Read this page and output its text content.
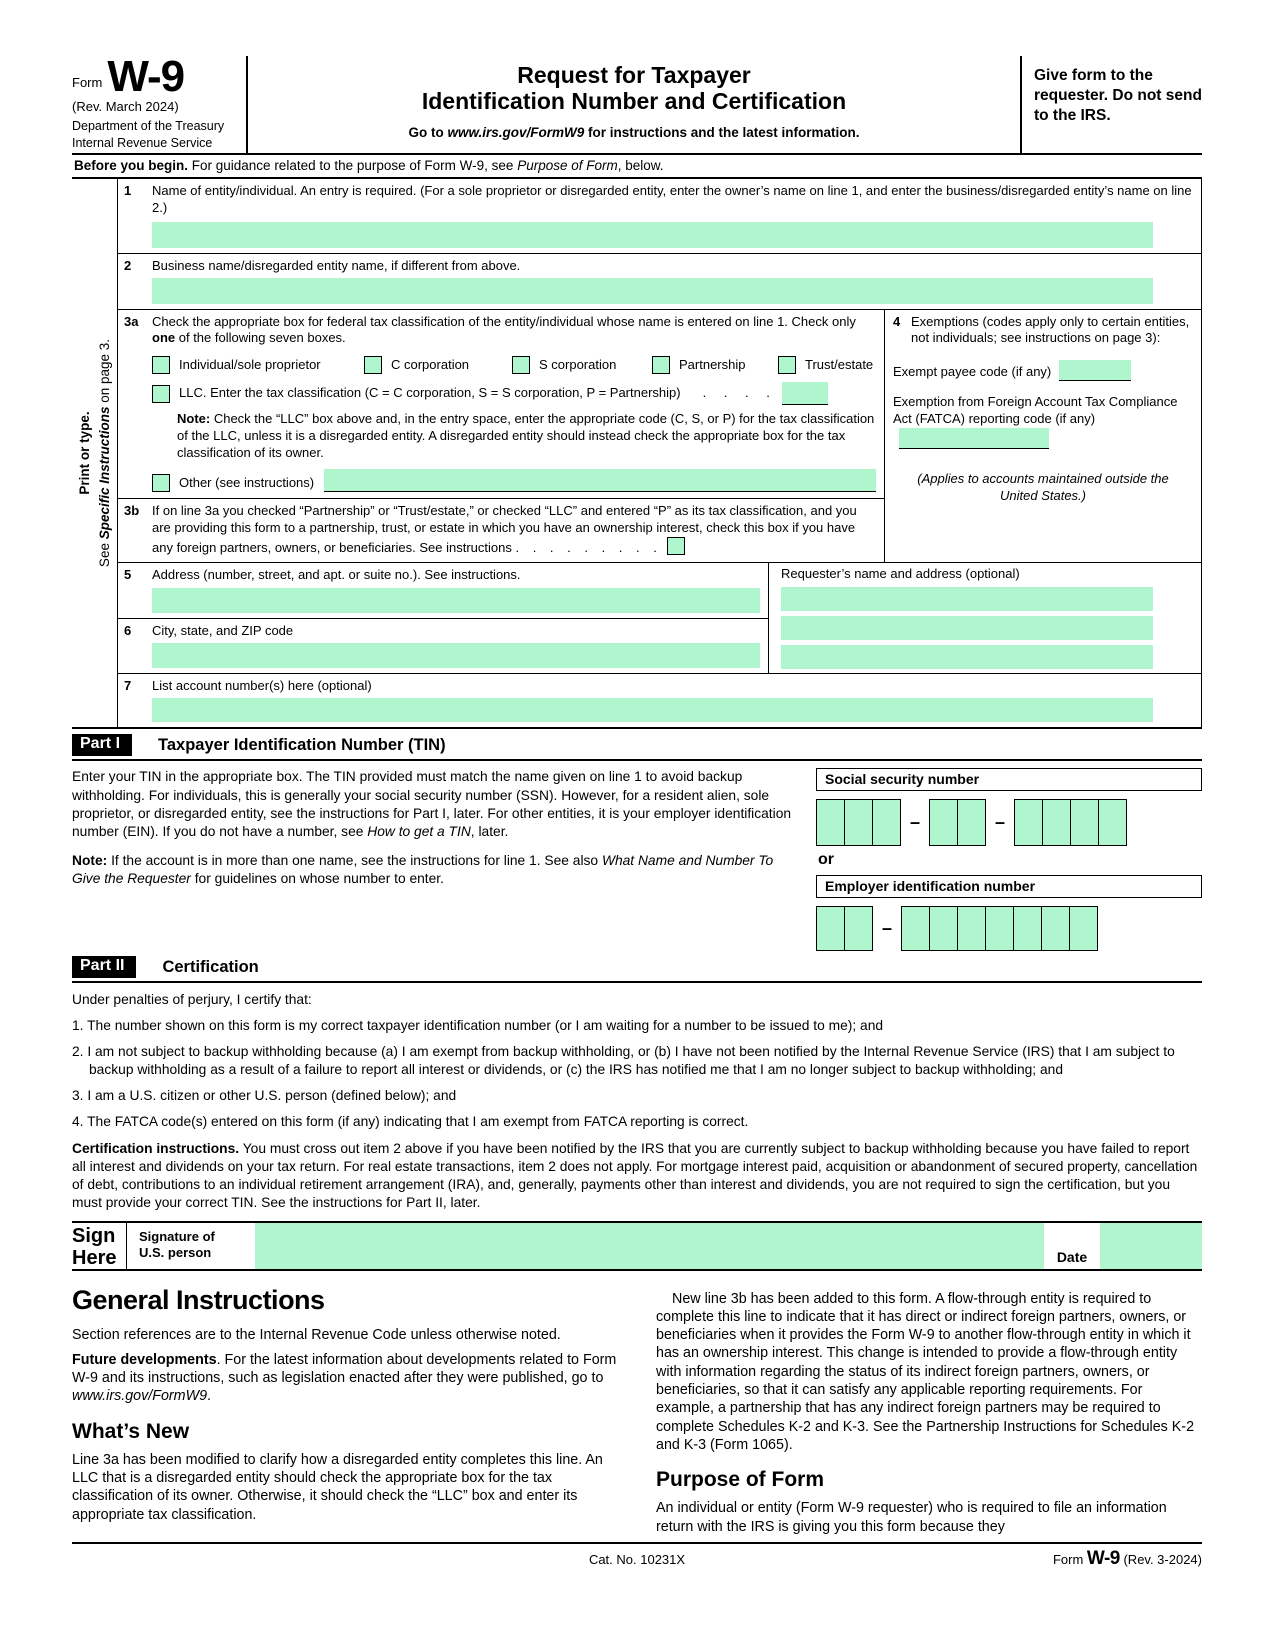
Form W-9
(Rev. March 2024)
Department of the Treasury
Internal Revenue Service
Request for Taxpayer
Identification Number and Certification
Go to www.irs.gov/FormW9 for instructions and the latest information.
Give form to the requester. Do not send to the IRS.
Before you begin. For guidance related to the purpose of Form W-9, see Purpose of Form, below.
Print or type.
See Specific Instructions on page 3.
1	Name of entity/individual. An entry is required. (For a sole proprietor or disregarded entity, enter the owner’s name on line 1, and enter the business/disregarded entity’s name on line 2.)
2	Business name/disregarded entity name, if different from above.
3a	Check the appropriate box for federal tax classification of the entity/individual whose name is entered on line 1. Check only one of the following seven boxes.
Individual/sole proprietor	C corporation	S corporation	Partnership	Trust/estate
LLC. Enter the tax classification (C = C corporation, S = S corporation, P = Partnership) . . . .
Note: Check the “LLC” box above and, in the entry space, enter the appropriate code (C, S, or P) for the tax classification of the LLC, unless it is a disregarded entity. A disregarded entity should instead check the appropriate box for the tax classification of its owner.
Other (see instructions)
3b If on line 3a you checked “Partnership” or “Trust/estate,” or checked “LLC” and entered “P” as its tax classification, and you are providing this form to a partnership, trust, or estate in which you have an ownership interest, check this box if you have any foreign partners, owners, or beneficiaries. See instructions . . . . . . . . .
4 Exemptions (codes apply only to certain entities, not individuals; see instructions on page 3):
Exempt payee code (if any)
Exemption from Foreign Account Tax Compliance Act (FATCA) reporting code (if any)
(Applies to accounts maintained outside the United States.)
5	Address (number, street, and apt. or suite no.). See instructions.
6	City, state, and ZIP code
Requester’s name and address (optional)
7	List account number(s) here (optional)
Part I	Taxpayer Identification Number (TIN)

Enter your TIN in the appropriate box. The TIN provided must match the name given on line 1 to avoid backup withholding. For individuals, this is generally your social security number (SSN). However, for a resident alien, sole proprietor, or disregarded entity, see the instructions for Part I, later. For other entities, it is your employer identification number (EIN). If you do not have a number, see How to get a TIN, later.

Note: If the account is in more than one name, see the instructions for line 1. See also What Name and Number To Give the Requester for guidelines on whose number to enter.

Social security number
–	–
or
Employer identification number
–
Part II	Certification

Under penalties of perjury, I certify that:

1. The number shown on this form is my correct taxpayer identification number (or I am waiting for a number to be issued to me); and

2. I am not subject to backup withholding because (a) I am exempt from backup withholding, or (b) I have not been notified by the Internal Revenue Service (IRS) that I am subject to backup withholding as a result of a failure to report all interest or dividends, or (c) the IRS has notified me that I am no longer subject to backup withholding; and

3. I am a U.S. citizen or other U.S. person (defined below); and

4. The FATCA code(s) entered on this form (if any) indicating that I am exempt from FATCA reporting is correct.

Certification instructions. You must cross out item 2 above if you have been notified by the IRS that you are currently subject to backup withholding because you have failed to report all interest and dividends on your tax return. For real estate transactions, item 2 does not apply. For mortgage interest paid, acquisition or abandonment of secured property, cancellation of debt, contributions to an individual retirement arrangement (IRA), and, generally, payments other than interest and dividends, you are not required to sign the certification, but you must provide your correct TIN. See the instructions for Part II, later.

Sign
Here
Signature of
U.S. person	Date
General Instructions

Section references are to the Internal Revenue Code unless otherwise noted.

Future developments. For the latest information about developments related to Form W-9 and its instructions, such as legislation enacted after they were published, go to www.irs.gov/FormW9.

What’s New

Line 3a has been modified to clarify how a disregarded entity completes this line. An LLC that is a disregarded entity should check the appropriate box for the tax classification of its owner. Otherwise, it should check the “LLC” box and enter its appropriate tax classification.

New line 3b has been added to this form. A flow-through entity is required to complete this line to indicate that it has direct or indirect foreign partners, owners, or beneficiaries when it provides the Form W-9 to another flow-through entity in which it has an ownership interest. This change is intended to provide a flow-through entity with information regarding the status of its indirect foreign partners, owners, or beneficiaries, so that it can satisfy any applicable reporting requirements. For example, a partnership that has any indirect foreign partners may be required to complete Schedules K-2 and K-3. See the Partnership Instructions for Schedules K-2 and K-3 (Form 1065).

Purpose of Form

An individual or entity (Form W-9 requester) who is required to file an information return with the IRS is giving you this form because they

Cat. No. 10231X	Form W-9 (Rev. 3-2024)
